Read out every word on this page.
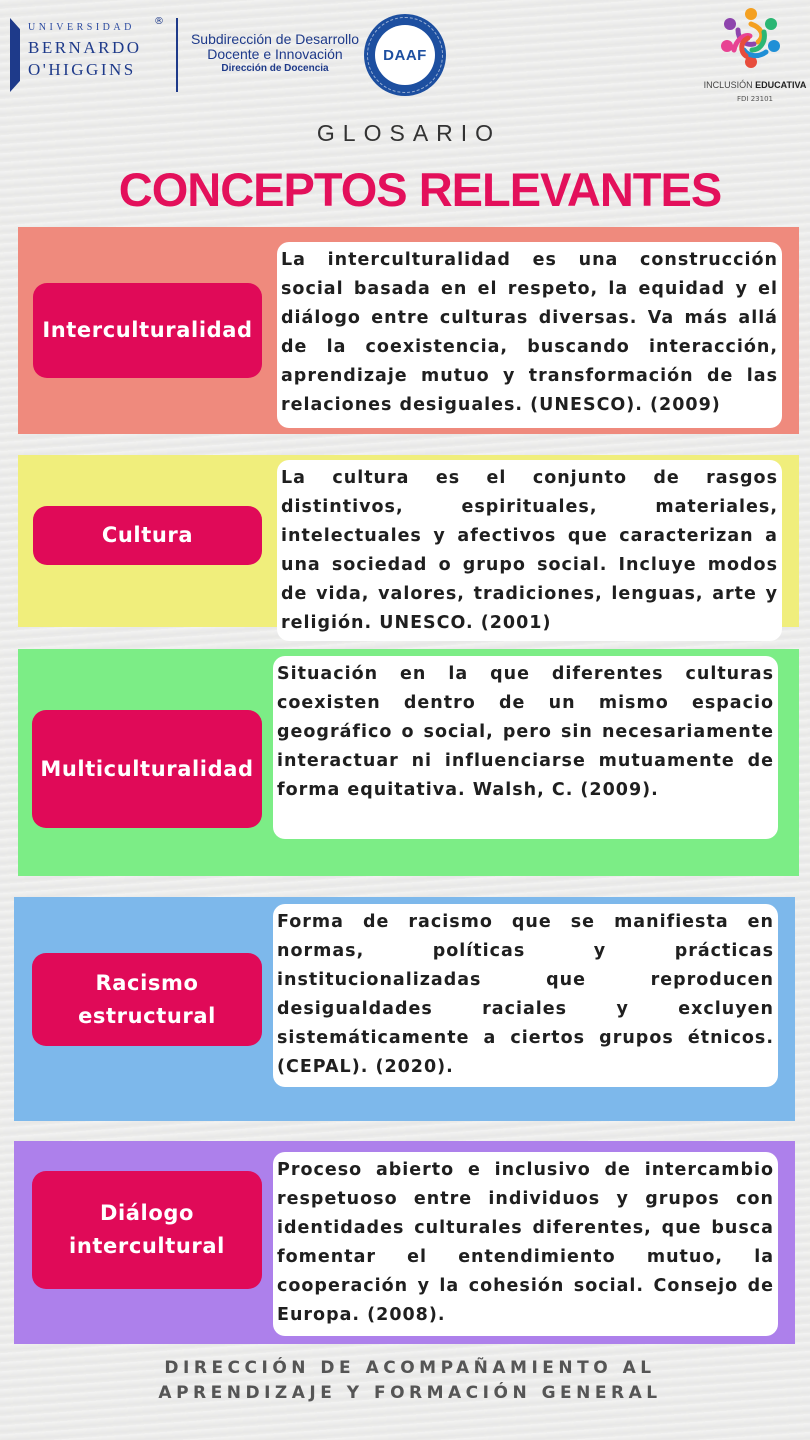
UNIVERSIDAD
®
BERNARDO
O'HIGGINS
Subdirección de Desarrollo
Docente e Innovación
Dirección de Docencia
DAAF
INCLUSIÓN EDUCATIVA
FDI 23101
GLOSARIO
CONCEPTOS RELEVANTES
Interculturalidad
La interculturalidad es una construcción social basada en el respeto, la equidad y el diálogo entre culturas diversas. Va más allá de la coexistencia, buscando interacción, aprendizaje mutuo y transformación de las relaciones desiguales. (UNESCO). (2009)
Cultura
La cultura es el conjunto de rasgos distintivos, espirituales, materiales, intelectuales y afectivos que caracterizan a una sociedad o grupo social. Incluye modos de vida, valores, tradiciones, lenguas, arte y religión. UNESCO. (2001)
Multiculturalidad
Situación en la que diferentes culturas coexisten dentro de un mismo espacio geográfico o social, pero sin necesariamente interactuar ni influenciarse mutuamente de forma equitativa. Walsh, C. (2009).
Racismo estructural
Forma de racismo que se manifiesta en normas, políticas y prácticas institucionalizadas que reproducen desigualdades raciales y excluyen sistemáticamente a ciertos grupos étnicos. (CEPAL). (2020).
Diálogo intercultural
Proceso abierto e inclusivo de intercambio respetuoso entre individuos y grupos con identidades culturales diferentes, que busca fomentar el entendimiento mutuo, la cooperación y la cohesión social. Consejo de Europa. (2008).
DIRECCIÓN DE ACOMPAÑAMIENTO AL APRENDIZAJE Y FORMACIÓN GENERAL
